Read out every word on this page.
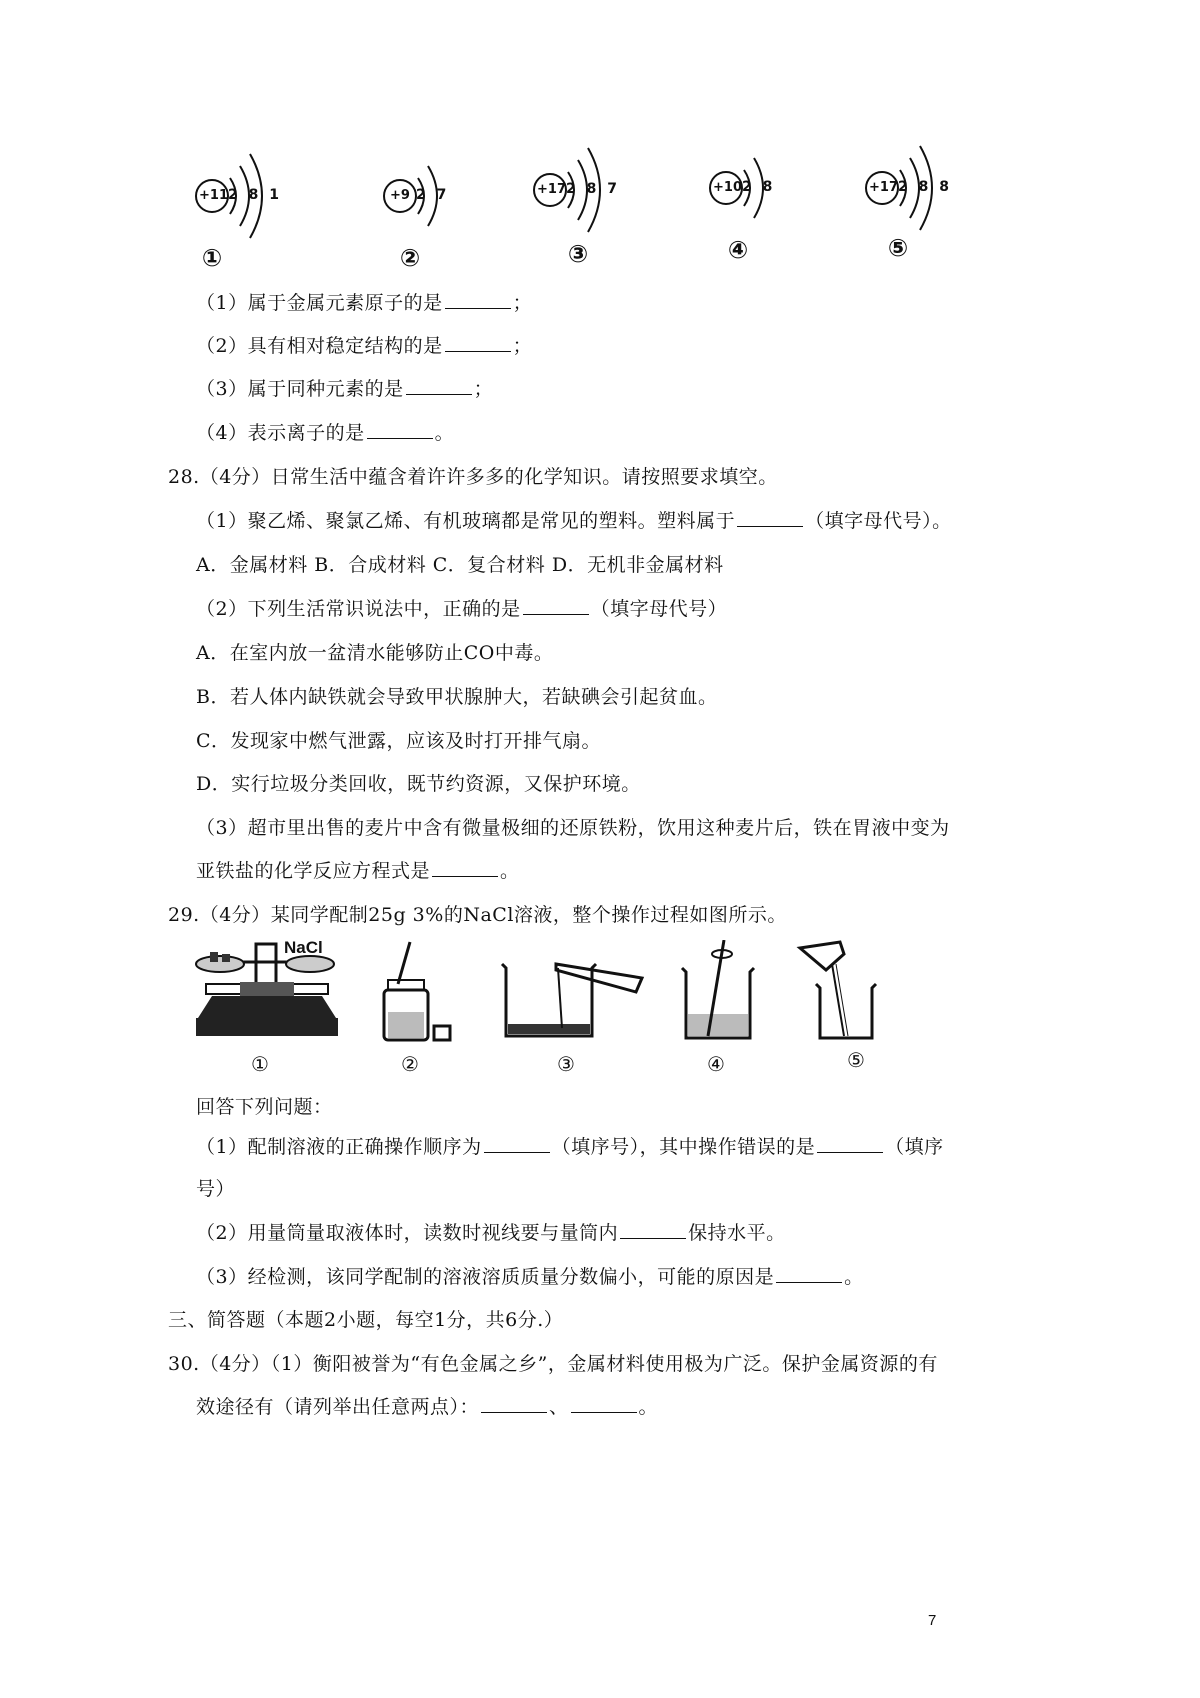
+11 2 8 1
①
+9 2 7
②
+17 2 8 7
③
+10 2 8
④
+17 2 8 8
⑤
（1）属于金属元素原子的是	；
（2）具有相对稳定结构的是	；
（3）属于同种元素的是	；
（4）表示离子的是	。
28.（4分）日常生活中蕴含着许许多多的化学知识。请按照要求填空。
（1）聚乙烯、聚氯乙烯、有机玻璃都是常见的塑料。塑料属于	（填字母代号）。
A．金属材料 B．合成材料 C．复合材料 D．无机非金属材料
（2）下列生活常识说法中，正确的是	（填字母代号）
A．在室内放一盆清水能够防止CO中毒。
B．若人体内缺铁就会导致甲状腺肿大，若缺碘会引起贫血。
C．发现家中燃气泄露，应该及时打开排气扇。
D．实行垃圾分类回收，既节约资源，又保护环境。
（3）超市里出售的麦片中含有微量极细的还原铁粉，饮用这种麦片后，铁在胃液中变为
亚铁盐的化学反应方程式是	。
29.（4分）某同学配制25g 3%的NaCl溶液，整个操作过程如图所示。
NaCl
①	②	③	④	⑤
回答下列问题：
（1）配制溶液的正确操作顺序为	（填序号），其中操作错误的是	（填序
号）
（2）用量筒量取液体时，读数时视线要与量筒内	保持水平。
（3）经检测，该同学配制的溶液溶质质量分数偏小，可能的原因是	。
三、简答题（本题2小题，每空1分，共6分.）
30.（4分）（1）衡阳被誉为“有色金属之乡”，金属材料使用极为广泛。保护金属资源的有
效途径有（请列举出任意两点）：	、	。
7
